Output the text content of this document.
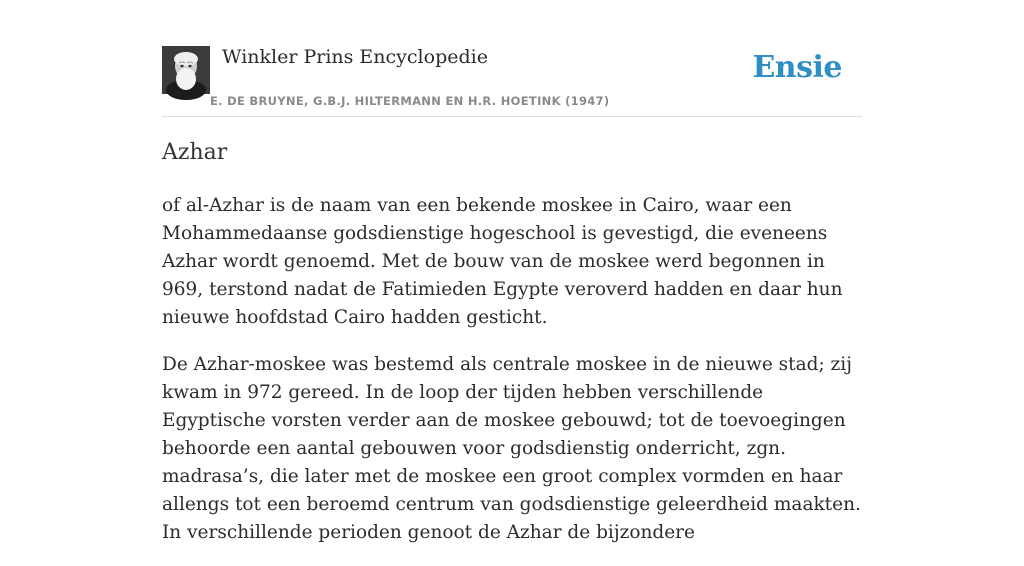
Winkler Prins Encyclopedie
E. DE BRUYNE, G.B.J. HILTERMANN EN H.R. HOETINK (1947)
Ensie
Azhar

of al-Azhar is de naam van een bekende moskee in Cairo, waar een Mohammedaanse godsdienstige hogeschool is gevestigd, die eveneens Azhar wordt genoemd. Met de bouw van de moskee werd begonnen in 969, terstond nadat de Fatimieden Egypte veroverd hadden en daar hun nieuwe hoofdstad Cairo hadden gesticht.

De Azhar-moskee was bestemd als centrale moskee in de nieuwe stad; zij kwam in 972 gereed. In de loop der tijden hebben verschillende Egyptische vorsten verder aan de moskee gebouwd; tot de toevoegingen behoorde een aantal gebouwen voor godsdienstig onderricht, zgn. madrasa’s, die later met de moskee een groot complex vormden en haar allengs tot een beroemd centrum van godsdienstige geleerdheid maakten. In verschillende perioden genoot de Azhar de bijzondere
